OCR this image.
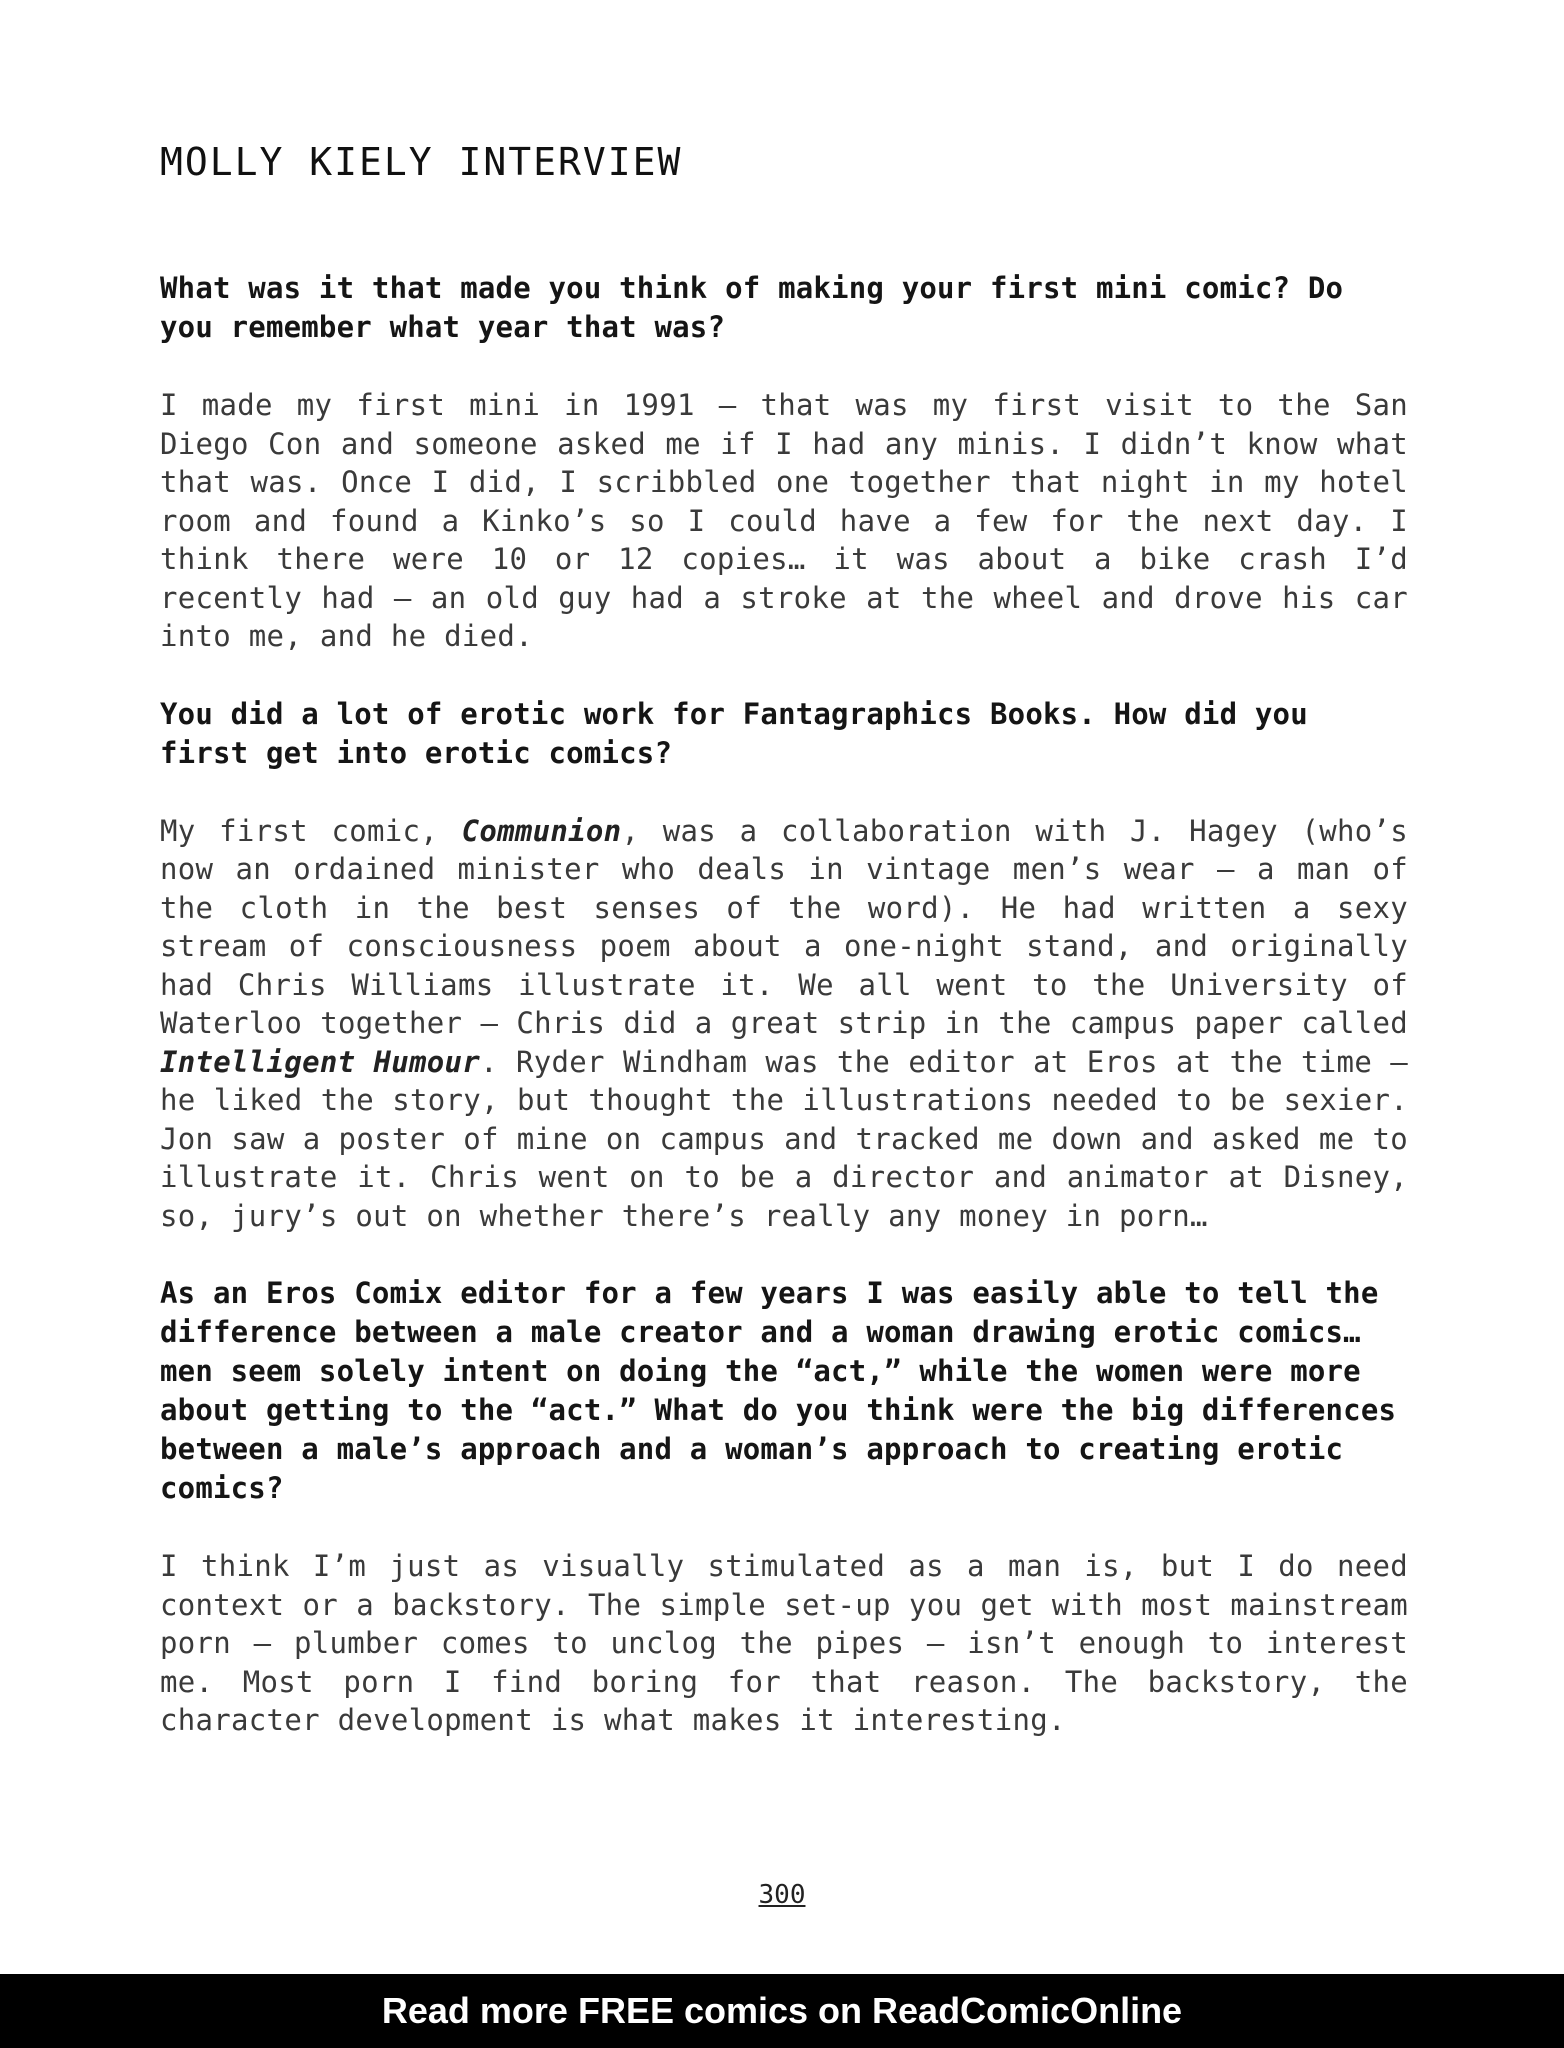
MOLLY KIELY INTERVIEW

What was it that made you think of making your first mini comic? Do you remember what year that was?

I made my first mini in 1991 — that was my first visit to the San Diego Con and someone asked me if I had any minis. I didn’t know what that was. Once I did, I scribbled one together that night in my hotel room and found a Kinko’s so I could have a few for the next day. I think there were 10 or 12 copies… it was about a bike crash I’d recently had — an old guy had a stroke at the wheel and drove his car into me, and he died.

You did a lot of erotic work for Fantagraphics Books. How did you first get into erotic comics?

My first comic, Communion, was a collaboration with J. Hagey (who’s now an ordained minister who deals in vintage men’s wear — a man of the cloth in the best senses of the word). He had written a sexy stream of consciousness poem about a one-night stand, and originally had Chris Williams illustrate it. We all went to the University of Waterloo together — Chris did a great strip in the campus paper called Intelligent Humour. Ryder Windham was the editor at Eros at the time — he liked the story, but thought the illustrations needed to be sexier. Jon saw a poster of mine on campus and tracked me down and asked me to illustrate it. Chris went on to be a director and animator at Disney, so, jury’s out on whether there’s really any money in porn…

As an Eros Comix editor for a few years I was easily able to tell the difference between a male creator and a woman drawing erotic comics… men seem solely intent on doing the “act,” while the women were more about getting to the “act.” What do you think were the big differences between a male’s approach and a woman’s approach to creating erotic comics?

I think I’m just as visually stimulated as a man is, but I do need context or a backstory. The simple set-up you get with most mainstream porn — plumber comes to unclog the pipes — isn’t enough to interest me. Most porn I find boring for that reason. The backstory, the character development is what makes it interesting.

300
Read more FREE comics on ReadComicOnline
